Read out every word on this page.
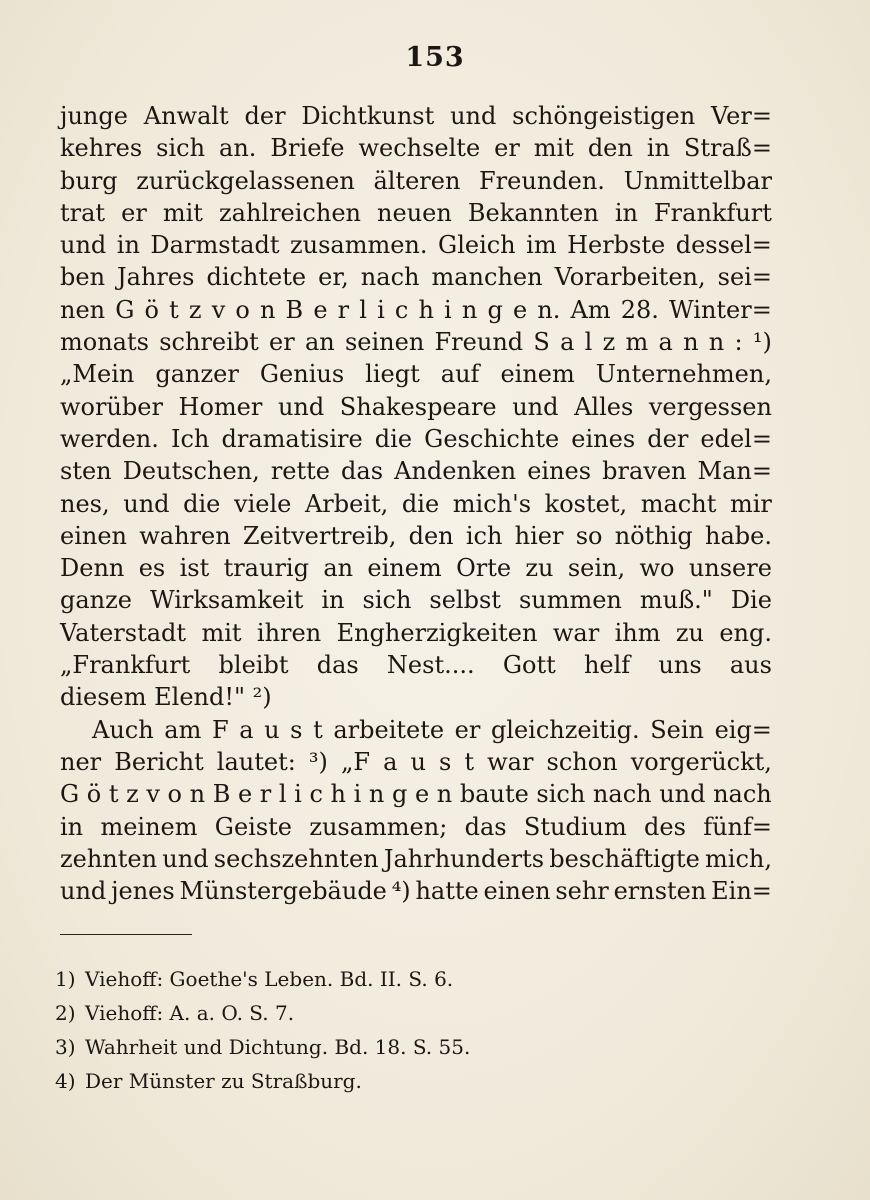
153
junge Anwalt der Dichtkunst und schöngeistigen Ver=
kehres sich an. Briefe wechselte er mit den in Straß=
burg zurückgelassenen älteren Freunden. Unmittelbar
trat er mit zahlreichen neuen Bekannten in Frankfurt
und in Darmstadt zusammen. Gleich im Herbste dessel=
ben Jahres dichtete er, nach manchen Vorarbeiten, sei=
nen G ö t z v o n B e r l i c h i n g e n. Am 28. Winter=
monats schreibt er an seinen Freund S a l z m a n n : ¹)
„Mein ganzer Genius liegt auf einem Unternehmen,
worüber Homer und Shakespeare und Alles vergessen
werden. Ich dramatisire die Geschichte eines der edel=
sten Deutschen, rette das Andenken eines braven Man=
nes, und die viele Arbeit, die mich's kostet, macht mir
einen wahren Zeitvertreib, den ich hier so nöthig habe.
Denn es ist traurig an einem Orte zu sein, wo unsere
ganze Wirksamkeit in sich selbst summen muß." Die
Vaterstadt mit ihren Engherzigkeiten war ihm zu eng.
„Frankfurt bleibt das Nest.... Gott helf uns aus
diesem Elend!" ²)
Auch am F a u s t arbeitete er gleichzeitig. Sein eig=
ner Bericht lautet: ³) „F a u s t war schon vorgerückt,
G ö t z v o n B e r l i c h i n g e n baute sich nach und nach
in meinem Geiste zusammen; das Studium des fünf=
zehnten und sechszehnten Jahrhunderts beschäftigte mich,
und jenes Münstergebäude ⁴) hatte einen sehr ernsten Ein=
1) Viehoff: Goethe's Leben. Bd. II. S. 6.
2) Viehoff: A. a. O. S. 7.
3) Wahrheit und Dichtung. Bd. 18. S. 55.
4) Der Münster zu Straßburg.
